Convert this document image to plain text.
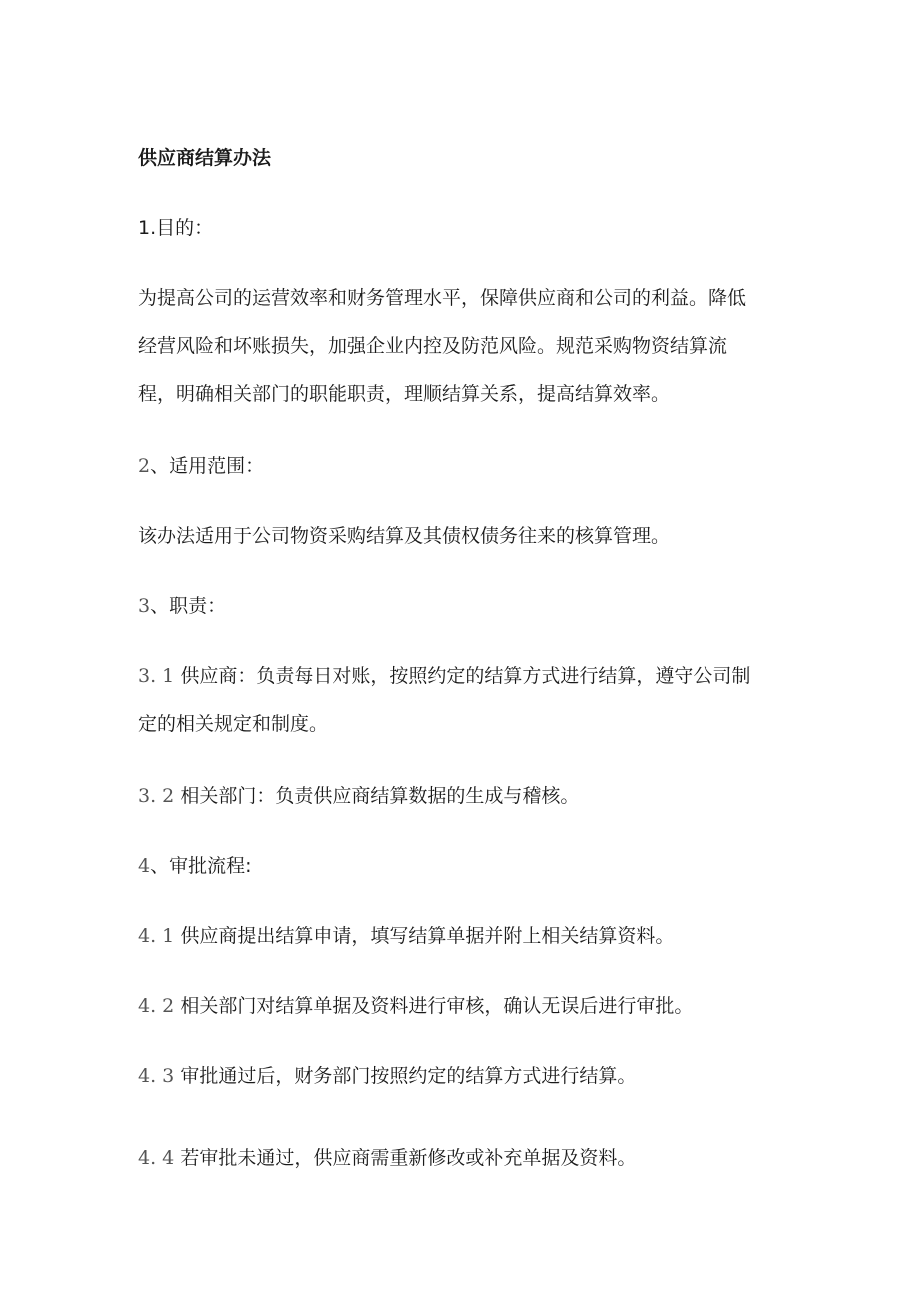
供应商结算办法
1.目的：
为提高公司的运营效率和财务管理水平，保障供应商和公司的利益。降低
经营风险和坏账损失，加强企业内控及防范风险。规范采购物资结算流
程，明确相关部门的职能职责，理顺结算关系，提高结算效率。
2、适用范围：
该办法适用于公司物资采购结算及其债权债务往来的核算管理。
3、职责：
3. 1 供应商：负责每日对账，按照约定的结算方式进行结算，遵守公司制
定的相关规定和制度。
3. 2 相关部门：负责供应商结算数据的生成与稽核。
4、审批流程:
4. 1 供应商提出结算申请，填写结算单据并附上相关结算资料。
4. 2 相关部门对结算单据及资料进行审核，确认无误后进行审批。
4. 3 审批通过后，财务部门按照约定的结算方式进行结算。
4. 4 若审批未通过，供应商需重新修改或补充单据及资料。
